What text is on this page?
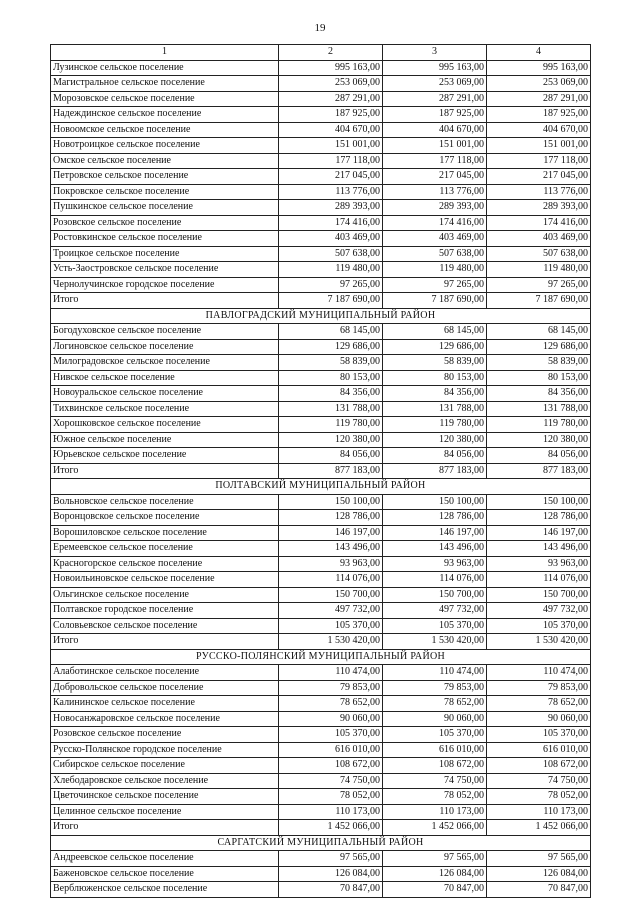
19
1	2	3	4
Лузинское сельское поселение	995 163,00	995 163,00	995 163,00
Магистральное сельское поселение	253 069,00	253 069,00	253 069,00
Морозовское сельское поселение	287 291,00	287 291,00	287 291,00
Надеждинское сельское поселение	187 925,00	187 925,00	187 925,00
Новоомское сельское поселение	404 670,00	404 670,00	404 670,00
Новотроицкое сельское поселение	151 001,00	151 001,00	151 001,00
Омское сельское поселение	177 118,00	177 118,00	177 118,00
Петровское сельское поселение	217 045,00	217 045,00	217 045,00
Покровское сельское поселение	113 776,00	113 776,00	113 776,00
Пушкинское сельское поселение	289 393,00	289 393,00	289 393,00
Розовское сельское поселение	174 416,00	174 416,00	174 416,00
Ростовкинское сельское поселение	403 469,00	403 469,00	403 469,00
Троицкое сельское поселение	507 638,00	507 638,00	507 638,00
Усть-Заостровское сельское поселение	119 480,00	119 480,00	119 480,00
Чернолучинское городское поселение	97 265,00	97 265,00	97 265,00
Итого	7 187 690,00	7 187 690,00	7 187 690,00
ПАВЛОГРАДСКИЙ МУНИЦИПАЛЬНЫЙ РАЙОН			
Богодуховское сельское поселение	68 145,00	68 145,00	68 145,00
Логиновское сельское поселение	129 686,00	129 686,00	129 686,00
Милоградовское сельское поселение	58 839,00	58 839,00	58 839,00
Нивское сельское поселение	80 153,00	80 153,00	80 153,00
Новоуральское сельское поселение	84 356,00	84 356,00	84 356,00
Тихвинское сельское поселение	131 788,00	131 788,00	131 788,00
Хорошковское сельское поселение	119 780,00	119 780,00	119 780,00
Южное сельское поселение	120 380,00	120 380,00	120 380,00
Юрьевское сельское поселение	84 056,00	84 056,00	84 056,00
Итого	877 183,00	877 183,00	877 183,00
ПОЛТАВСКИЙ МУНИЦИПАЛЬНЫЙ РАЙОН			
Вольновское сельское поселение	150 100,00	150 100,00	150 100,00
Воронцовское сельское поселение	128 786,00	128 786,00	128 786,00
Ворошиловское сельское поселение	146 197,00	146 197,00	146 197,00
Еремеевское сельское поселение	143 496,00	143 496,00	143 496,00
Красногорское сельское поселение	93 963,00	93 963,00	93 963,00
Новоильиновское сельское поселение	114 076,00	114 076,00	114 076,00
Ольгинское сельское поселение	150 700,00	150 700,00	150 700,00
Полтавское городское поселение	497 732,00	497 732,00	497 732,00
Соловьевское сельское поселение	105 370,00	105 370,00	105 370,00
Итого	1 530 420,00	1 530 420,00	1 530 420,00
РУССКО-ПОЛЯНСКИЙ МУНИЦИПАЛЬНЫЙ РАЙОН			
Алаботинское сельское поселение	110 474,00	110 474,00	110 474,00
Добровольское сельское поселение	79 853,00	79 853,00	79 853,00
Калининское сельское поселение	78 652,00	78 652,00	78 652,00
Новосанжаровское сельское поселение	90 060,00	90 060,00	90 060,00
Розовское сельское поселение	105 370,00	105 370,00	105 370,00
Русско-Полянское городское поселение	616 010,00	616 010,00	616 010,00
Сибирское сельское поселение	108 672,00	108 672,00	108 672,00
Хлебодаровское сельское поселение	74 750,00	74 750,00	74 750,00
Цветочинское сельское поселение	78 052,00	78 052,00	78 052,00
Целинное сельское поселение	110 173,00	110 173,00	110 173,00
Итого	1 452 066,00	1 452 066,00	1 452 066,00
САРГАТСКИЙ МУНИЦИПАЛЬНЫЙ РАЙОН			
Андреевское сельское поселение	97 565,00	97 565,00	97 565,00
Баженовское сельское поселение	126 084,00	126 084,00	126 084,00
Верблюженское сельское поселение	70 847,00	70 847,00	70 847,00
